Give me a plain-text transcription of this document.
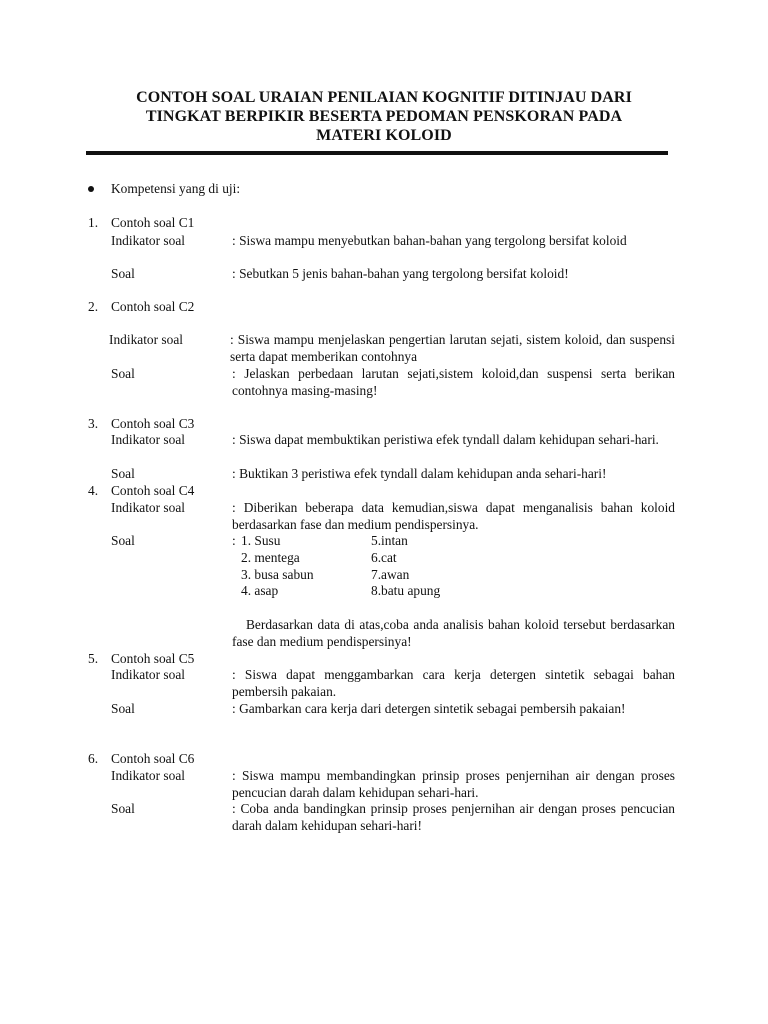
CONTOH SOAL URAIAN PENILAIAN KOGNITIF DITINJAU DARI
TINGKAT BERPIKIR BESERTA PEDOMAN PENSKORAN PADA
MATERI KOLOID
Kompetensi yang di uji:
1. Contoh soal C1
Indikator soal	: Siswa mampu menyebutkan bahan-bahan yang tergolong bersifat koloid
Soal	: Sebutkan 5 jenis bahan-bahan yang tergolong bersifat koloid!
2. Contoh soal C2
Indikator soal	: Siswa mampu menjelaskan pengertian larutan sejati, sistem koloid, dan suspensi serta dapat memberikan contohnya
Soal	: Jelaskan perbedaan larutan sejati,sistem koloid,dan suspensi serta berikan contohnya masing-masing!
3. Contoh soal C3
Indikator soal	: Siswa dapat membuktikan peristiwa efek tyndall dalam kehidupan sehari-hari.
Soal	: Buktikan 3 peristiwa efek tyndall dalam kehidupan anda sehari-hari!
4. Contoh soal C4
Indikator soal	: Diberikan beberapa data kemudian,siswa dapat menganalisis bahan koloid berdasarkan fase dan medium pendispersinya.
Soal	: 1. Susu	5.intan
2. mentega	6.cat
3. busa sabun	7.awan
4. asap	8.batu apung
Berdasarkan data di atas,coba anda analisis bahan koloid tersebut berdasarkan fase dan medium pendispersinya!
5. Contoh soal C5
Indikator soal	: Siswa dapat menggambarkan cara kerja detergen sintetik sebagai bahan pembersih pakaian.
Soal	: Gambarkan cara kerja dari detergen sintetik sebagai pembersih pakaian!
6. Contoh soal C6
Indikator soal	: Siswa mampu membandingkan prinsip proses penjernihan air dengan proses pencucian darah dalam kehidupan sehari-hari.
Soal	: Coba anda bandingkan prinsip proses penjernihan air dengan proses pencucian darah dalam kehidupan sehari-hari!
